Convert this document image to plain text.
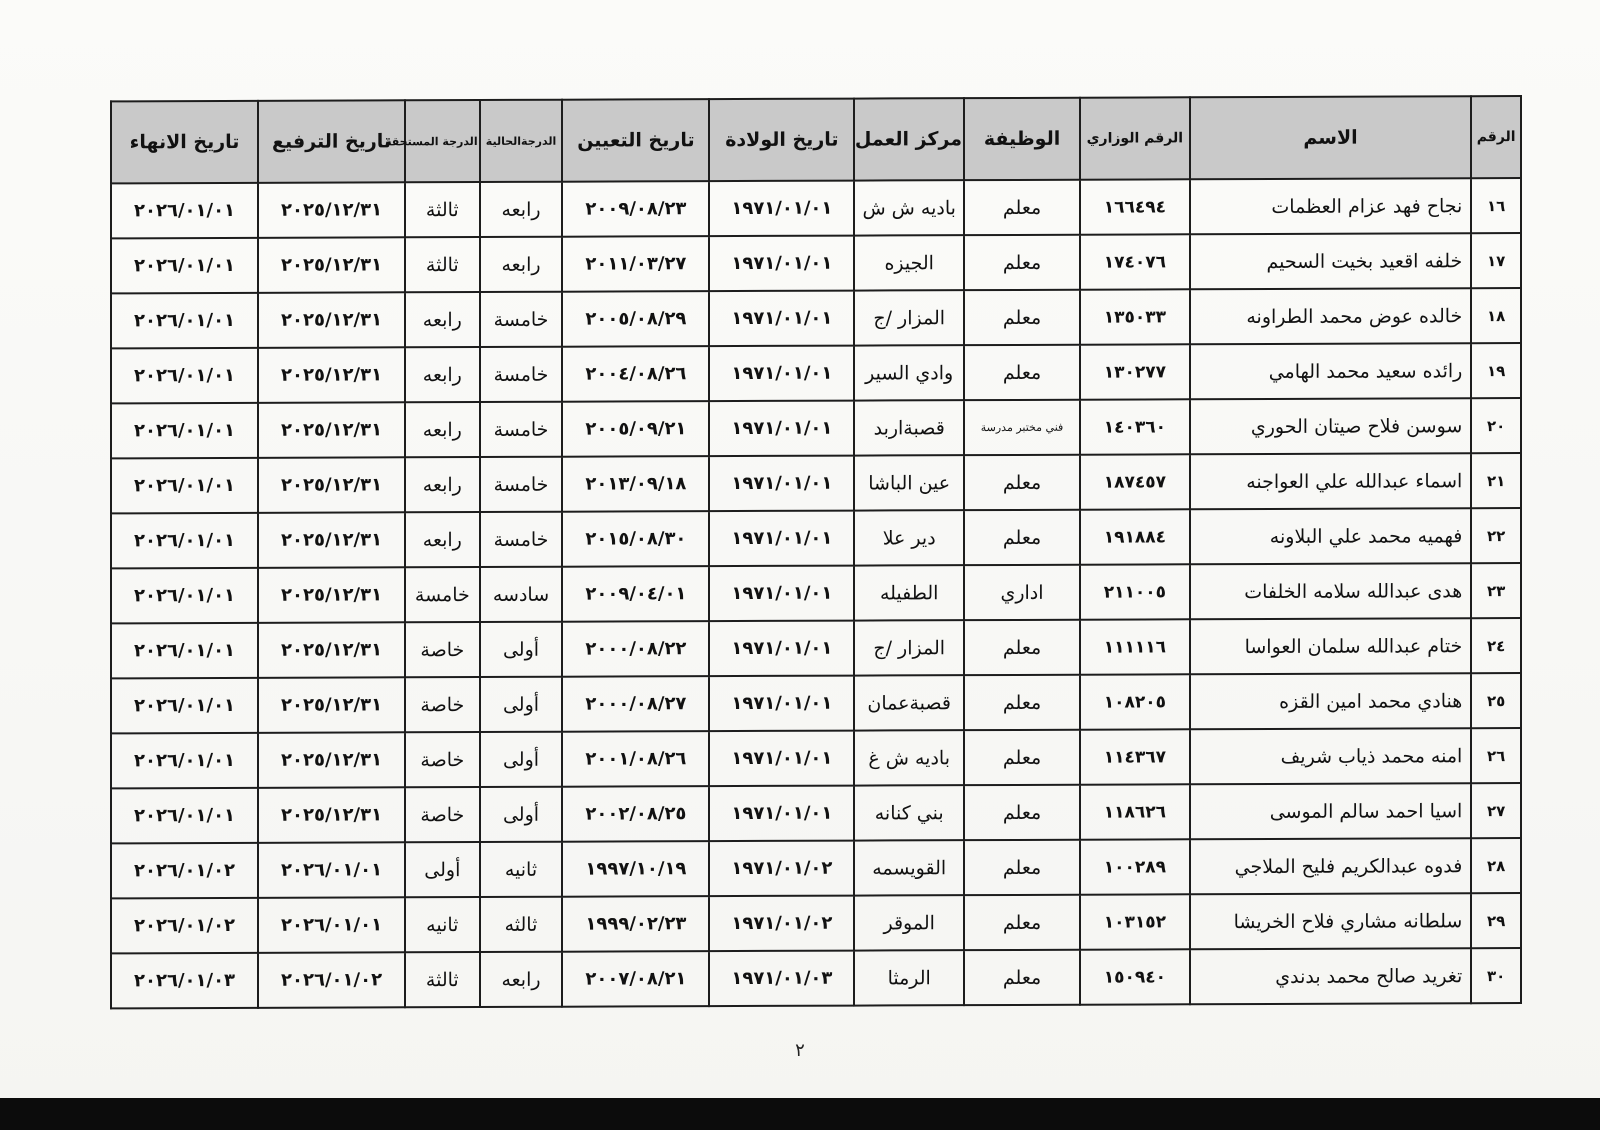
الرقم	الاسم	الرقم الوزاري	الوظيفة	مركز العمل	تاريخ الولادة	تاريخ التعيين	الدرجةالحالية	الدرجة المستحقة	تاريخ الترفيع	تاريخ الانهاء
١٦	نجاح فهد عزام العظمات	١٦٦٤٩٤	معلم	باديه ش ش	١٩٧١/٠١/٠١	٢٠٠٩/٠٨/٢٣	رابعه	ثالثة	٢٠٢٥/١٢/٣١	٢٠٢٦/٠١/٠١
١٧	خلفه اقعيد بخيت السحيم	١٧٤٠٧٦	معلم	الجيزه	١٩٧١/٠١/٠١	٢٠١١/٠٣/٢٧	رابعه	ثالثة	٢٠٢٥/١٢/٣١	٢٠٢٦/٠١/٠١
١٨	خالده عوض محمد الطراونه	١٣٥٠٣٣	معلم	المزار /ج	١٩٧١/٠١/٠١	٢٠٠٥/٠٨/٢٩	خامسة	رابعه	٢٠٢٥/١٢/٣١	٢٠٢٦/٠١/٠١
١٩	رائده سعيد محمد الهامي	١٣٠٢٧٧	معلم	وادي السير	١٩٧١/٠١/٠١	٢٠٠٤/٠٨/٢٦	خامسة	رابعه	٢٠٢٥/١٢/٣١	٢٠٢٦/٠١/٠١
٢٠	سوسن فلاح صيتان الحوري	١٤٠٣٦٠	فني مختبر مدرسة	قصبةاربد	١٩٧١/٠١/٠١	٢٠٠٥/٠٩/٢١	خامسة	رابعه	٢٠٢٥/١٢/٣١	٢٠٢٦/٠١/٠١
٢١	اسماء عبدالله علي العواجنه	١٨٧٤٥٧	معلم	عين الباشا	١٩٧١/٠١/٠١	٢٠١٣/٠٩/١٨	خامسة	رابعه	٢٠٢٥/١٢/٣١	٢٠٢٦/٠١/٠١
٢٢	فهميه محمد علي البلاونه	١٩١٨٨٤	معلم	دير علا	١٩٧١/٠١/٠١	٢٠١٥/٠٨/٣٠	خامسة	رابعه	٢٠٢٥/١٢/٣١	٢٠٢٦/٠١/٠١
٢٣	هدى عبدالله سلامه الخلفات	٢١١٠٠٥	اداري	الطفيله	١٩٧١/٠١/٠١	٢٠٠٩/٠٤/٠١	سادسه	خامسة	٢٠٢٥/١٢/٣١	٢٠٢٦/٠١/٠١
٢٤	ختام عبدالله سلمان العواسا	١١١١١٦	معلم	المزار /ج	١٩٧١/٠١/٠١	٢٠٠٠/٠٨/٢٢	أولى	خاصة	٢٠٢٥/١٢/٣١	٢٠٢٦/٠١/٠١
٢٥	هنادي محمد امين القزه	١٠٨٢٠٥	معلم	قصبةعمان	١٩٧١/٠١/٠١	٢٠٠٠/٠٨/٢٧	أولى	خاصة	٢٠٢٥/١٢/٣١	٢٠٢٦/٠١/٠١
٢٦	امنه محمد ذياب شريف	١١٤٣٦٧	معلم	باديه ش غ	١٩٧١/٠١/٠١	٢٠٠١/٠٨/٢٦	أولى	خاصة	٢٠٢٥/١٢/٣١	٢٠٢٦/٠١/٠١
٢٧	اسيا احمد سالم الموسى	١١٨٦٢٦	معلم	بني كنانه	١٩٧١/٠١/٠١	٢٠٠٢/٠٨/٢٥	أولى	خاصة	٢٠٢٥/١٢/٣١	٢٠٢٦/٠١/٠١
٢٨	فدوه عبدالكريم فليح الملاجي	١٠٠٢٨٩	معلم	القويسمه	١٩٧١/٠١/٠٢	١٩٩٧/١٠/١٩	ثانيه	أولى	٢٠٢٦/٠١/٠١	٢٠٢٦/٠١/٠٢
٢٩	سلطانه مشاري فلاح الخريشا	١٠٣١٥٢	معلم	الموقر	١٩٧١/٠١/٠٢	١٩٩٩/٠٢/٢٣	ثالثه	ثانيه	٢٠٢٦/٠١/٠١	٢٠٢٦/٠١/٠٢
٣٠	تغريد صالح محمد بدندي	١٥٠٩٤٠	معلم	الرمثا	١٩٧١/٠١/٠٣	٢٠٠٧/٠٨/٢١	رابعه	ثالثة	٢٠٢٦/٠١/٠٢	٢٠٢٦/٠١/٠٣
٢
